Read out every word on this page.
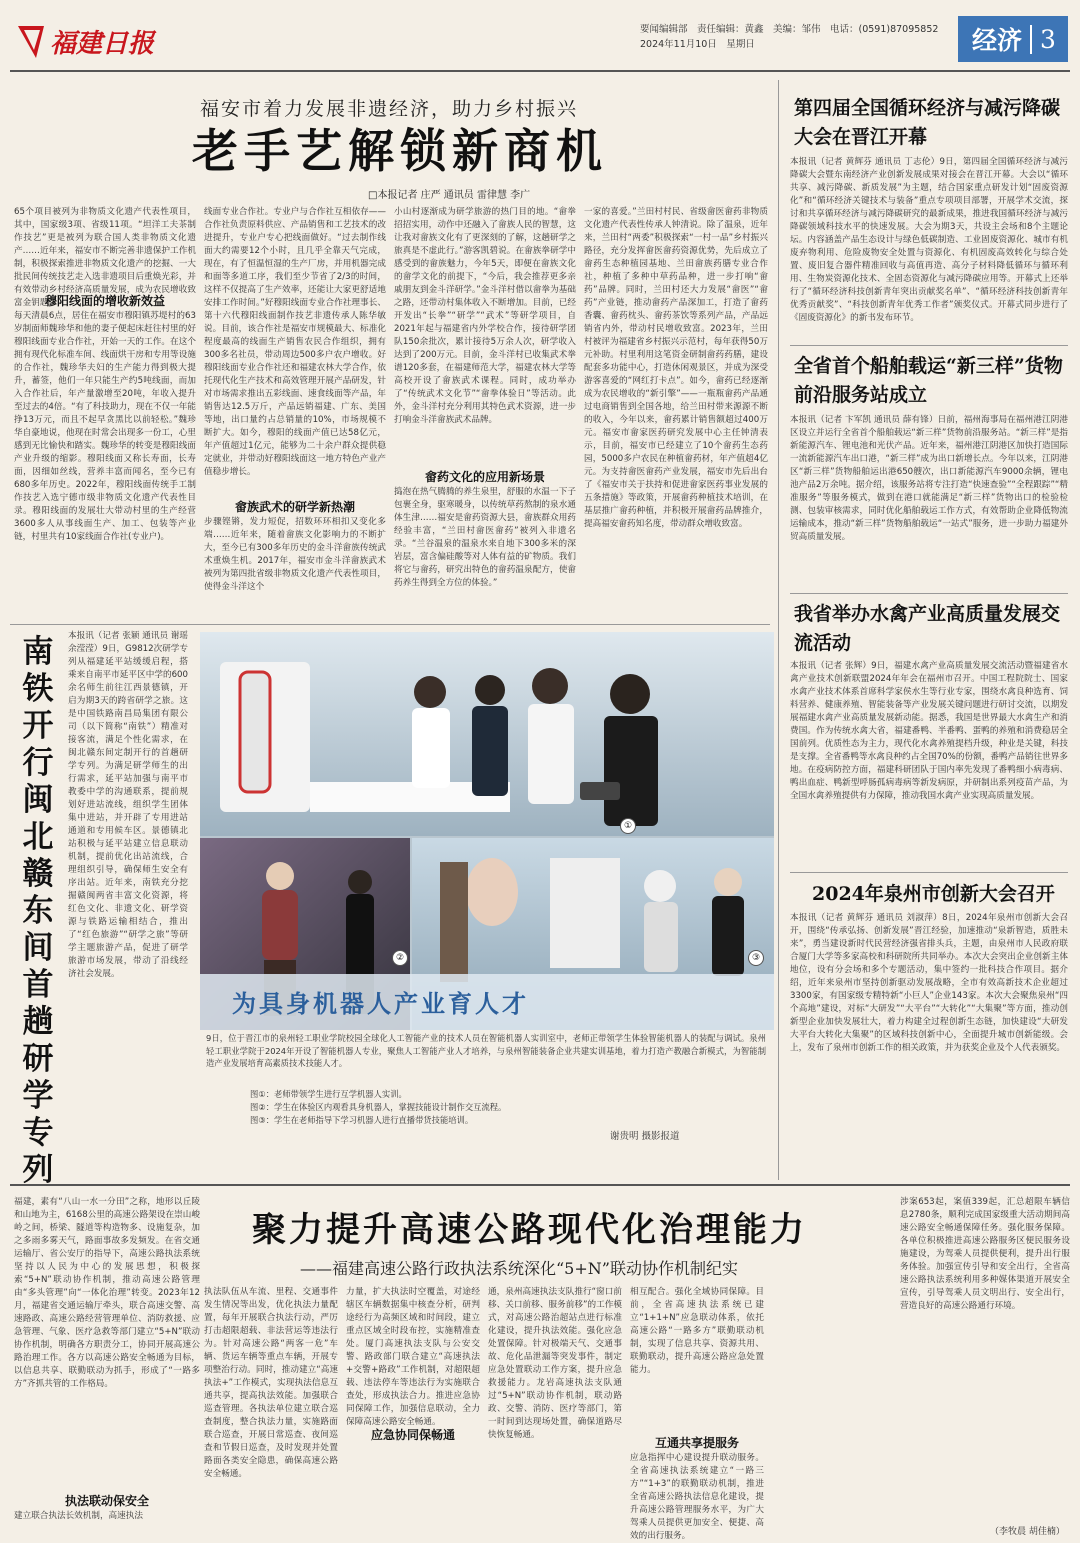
福建日报	要闻编辑部　责任编辑：黄鑫　美编：邹伟　电话：(0591)87095852
2024年11月10日　星期日	经济 3
福安市着力发展非遗经济，助力乡村振兴
老手艺解锁新商机
□本报记者 庄严 通讯员 雷律慧 李广
65个项目被列为非物质文化遗产代表性项目，其中，国家级3项、省级11项。“坦洋工夫茶制作技艺”更是被列为联合国人类非物质文化遗产……近年来，福安市不断完善非遗保护工作机制，积极探索推进非物质文化遗产的挖掘、一大批民间传统技艺走入选非遗项目后重焕光彩，并有效带动乡村经济高质量发展，成为农民增收致富金钥匙。
穆阳线面的增收新效益
每天清晨6点，居住在福安市穆阳镇苏堤村的63岁制面师魏珍华和他的妻子便起床赶往村里的好穆阳线面专业合作社，开始一天的工作。在这个拥有现代化标准车间、线面烘干房和专用等设施的合作社，魏珍华夫妇的生产能力得到极大提升，蓄签，他们一年只能生产约5吨线面，而加入合作社后，年产量激增至20吨，年收入提升至过去的4倍。“有了科技助力，现在不仅一年能挣13万元，而且不起早贪黑比以前轻松。”魏珍华自豪地说，他现在时常会出现多一份工，心里感到无比愉快和踏实。魏珍华的转变是穆阳线面产业升级的缩影。穆阳线面又称长寿面，长寿面，因细如丝线，营养丰富而闻名，至今已有680多年历史。2022年，穆阳线面传统手工制作技艺入选宁德市级非物质文化遗产代表性目录。穆阳线面的发展壮大带动村里的生产经营3600多人从事线面生产、加工、包装等产业链，村里共有10家线面合作社(专业户)。
线面专业合作社。专业户与合作社互相依存——合作社负责原料供应、产品销售和工艺技术的改进提升，专业户专心把线面做好。“过去制作线面大约需要12个小时，且几乎全靠天气完成，现在，有了恒温恒湿的生产厂房，并用机器完成和面等多道工序，我们至少节省了2/3的时间，这样不仅提高了生产效率，还能让大家更舒适地安排工作时间。”好穆阳线面专业合作社理事长、第十六代穆阳线面制作技艺非遗传承人陈华敏说。目前，该合作社是福安市规模最大、标准化程度最高的线面生产销售农民合作组织，拥有300多名社员，带动周边500多户农户增收。好穆阳线面专业合作社还和福建农林大学合作，依托现代化生产技术和高效管理开展产品研发，针对市场需求推出五彩线面、速食线面等产品，年销售达12.5万斤，产品远销福建、广东、美国等地，出口量约占总销量的10%，市场规模不断扩大。如今，穆阳的线面产值已达58亿元，年产值超过1亿元，能够为二十余户群众提供稳定就业，并带动好穆阳线面这一地方特色产业产值稳步增长。
畲族武术的研学新热潮
步骤铿锵，发力短促，招数环环相扣又变化多端……近年来，随着畲族文化影响力的不断扩大，至今已有300多年历史的金斗洋畲族传统武术重焕生机。2017年，福安市金斗洋畲族武术被列为第四批省级非物质文化遗产代表性项目，使得金斗洋这个
小山村逐渐成为研学旅游的热门目的地。“畲拳招招实用，动作中还融入了畲族人民的智慧，这让我对畲族文化有了更深刻的了解，这趟研学之旅真是不虚此行。”游客凯碧说。在畲族拳研学中感受到的畲族魅力，今年5天，即便在畲族文化的畲学文化的前提下，“今后，我会推荐更多亲戚朋友到金斗洋研学。”金斗洋村借以畲拳为基础之路，还带动村集体收入不断增加。目前，已经开发出“长拳”“研学”“武术”等研学项目，自2021年起与福建省内外学校合作，接待研学团队150余批次，累计接待5万余人次，研学收入达到了200万元。目前，金斗洋村已收集武术拳谱120多套，在福建师范大学，福建农林大学等高校开设了畲族武术课程。同时，成功举办了“传统武术文化节”“畲拳体验日”等活动。此外，金斗洋村充分利用其特色武术资源，进一步打响金斗洋畲族武术品牌。
畲药文化的应用新场景
捣泡在热气腾腾的养生泉里，舒服的水温一下子包裹全身，驱寒暖身，以传统草药熬制的泉水通体生津……福安是畲药资源大县，畲族群众用药经验丰富，“兰田村畲医畲药”被列入非遗名录。“兰谷温泉的温泉水来自地下300多米的深岩层，富含偏硅酸等对人体有益的矿物质。我们将它与畲药，研究出特色的畲药温泉配方，使畲药养生得到全方位的体验。”
一家的喜爱。”兰田村村民、省级畲医畲药非物质文化遗产代表性传承人钟清说。除了温泉，近年来，兰田村“两委”积极探索“一村一品”乡村振兴路径，充分发挥畲医畲药资源优势，先后成立了畲药生态种植园基地、兰田畲族药膳专业合作社，种植了多种中草药品种，进一步打响“畲药”品牌。同时，兰田村还大力发展“畲医”“畲药”产业链，推动畲药产品深加工，打造了畲药香囊、畲药枕头、畲药茶饮等系列产品，产品远销省内外，带动村民增收致富。2023年，兰田村被评为福建省乡村振兴示范村，每年获得50万元补助。村里利用这笔资金研制畲药药膳，建设配套多功能中心，打造休闲观景区，并成为深受游客喜爱的“网红打卡点”。如今，畲药已经逐渐成为农民增收的“新引擎”——一瓶瓶畲药产品通过电商销售到全国各地，给兰田村带来源源不断的收入，今年以来，畲药累计销售额超过400万元。福安市畲家医药研究发展中心主任钟清表示，目前，福安市已经建立了10个畲药生态药园，5000多户农民在种植畲药材，年产值超4亿元。为支持畲医畲药产业发展，福安市先后出台了《福安市关于扶持和促进畲家医药事业发展的五条措施》等政策，开展畲药种植技术培训，在基层推广畲药种植，并积极开展畲药品牌推介，提高福安畲药知名度，带动群众增收致富。
第四届全国循环经济与减污降碳大会在晋江开幕
本报讯（记者 黄辉芬 通讯员 丁志伦）9日，第四届全国循环经济与减污降碳大会暨东南经济产业创新发展成果对接会在晋江开幕。大会以“循环共享、减污降碳、新质发展”为主题，结合国家重点研发计划“固废资源化”和“循环经济关键技术与装备”重点专项项目部署，开展学术交流，探讨和共享循环经济与减污降碳研究的最新成果，推进我国循环经济与减污降碳领域科技水平的快速发展。大会为期3天，共设主会场和8个主题论坛。内容涵盖产品生态设计与绿色低碳制造、工业固废资源化、城市有机废弃物利用、危险废物安全处置与资源化、有机固废高效转化与综合处置、废旧复合器件精准回收与高值再造、高分子材料降低循环与循环利用、生物炭资源化技术、全固态资源化与减污降碳应用等。开幕式上还举行了“循环经济科技创新青年突出贡献奖名单”、“循环经济科技创新青年优秀贡献奖”、“科技创新青年优秀工作者”颁奖仪式。开幕式同步进行了《固废资源化》的新书发布环节。
全省首个船舶载运“新三样”货物前沿服务站成立
本报讯（记者 卞军凯 通讯员 薛有锋）日前，福州海事局在福州港江阴港区设立并运行全省首个船舶载运“新三样”货物前沿服务站。“新三样”是指新能源汽车、锂电池和光伏产品。近年来，福州港江阴港区加快打造国际一流新能源汽车出口港，“新三样”成为出口新增长点。今年以来，江阴港区“新三样”货物船舶运出港650艘次，出口新能源汽车9000余辆，锂电池产品2万余吨。据介绍，该服务站将专注打造“快速查验”“全程跟踪”“精准服务”等服务模式，做到在港口就能满足“新三样”货物出口的检验检测、包装审核需求，同时优化船舶载运工作方式，有效帮助企业降低物流运输成本，推动“新三样”货物船舶载运“一站式”服务，进一步助力福建外贸高质量发展。
我省举办水禽产业高质量发展交流活动
本报讯（记者 张辉）9日，福建水禽产业高质量发展交流活动暨福建省水禽产业技术创新联盟2024年年会在福州市召开。中国工程院院士、国家水禽产业技术体系首席科学家侯水生等行业专家，围绕水禽良种选育、饲料营养、健康养殖、智能装备等产业发展关键问题进行研讨交流，以期发展福建水禽产业高质量发展新动能。据悉，我国是世界最大水禽生产和消费国。作为传统水禽大省，福建番鸭、半番鸭、蛋鸭的养殖和消费稳居全国前列。优质性态为主力，现代化水禽养殖提档升级，种业是关键，科技是支撑。全省番鸭等水禽良种约占全国70%的份额，番鸭产品销往世界多地。在疫病防控方面，福建科研团队于国内率先发现了番鸭细小病毒病、鸭出血症、鸭新型呼肠孤病毒病等新发病原，并研制出系列疫苗产品，为全国水禽养殖提供有力保障，推动我国水禽产业实现高质量发展。
2024年泉州市创新大会召开
本报讯（记者 黄辉芬 通讯员 刘淑萍）8日，2024年泉州市创新大会召开，围绕“传承弘扬、创新发展”晋江经验，加速推动“泉新智造，质胜未来”，勇当建设新时代民营经济强省排头兵，主题，由泉州市人民政府联合厦门大学等多家高校和科研院所共同举办。本次大会突出企业创新主体地位，设有分会场和多个专题活动，集中签约一批科技合作项目。据介绍，近年来泉州市坚持创新驱动发展战略，全市有效高新技术企业超过3300家，有国家级专精特新“小巨人”企业143家。本次大会聚焦泉州“四个高地”建设，对标“大研发”“大平台”“大转化”“大集聚”等方面，推动创新型企业加快发展壮大，着力构建全过程创新生态链，加快建设“大研发大平台大转化大集聚”的区域科技创新中心，全面提升城市创新能级。会上，发布了泉州市创新工作的相关政策，并为获奖企业及个人代表颁奖。
南
铁
开
行
闽
北
赣
东
间
首
趟
研
学
专
列
本报讯（记者 张颖 通讯员 谢瑶 余滢滢）9日，G9812次研学专列从福建延平站缓缓启程，搭乘来自南平市延平区中学的600余名师生前往江西景德镇，开启为期3天的跨省研学之旅。这是中国铁路南昌局集团有限公司（以下简称“南铁”）精准对接客流，满足个性化需求，在闽北赣东间定制开行的首趟研学专列。为满足研学师生的出行需求，延平站加强与南平市教委中学的沟通联系，提前规划好进站流线，组织学生团体集中进站，并开辟了专用进站通道和专用候车区。景德镇北站积极与延平站建立信息联动机制，提前优化出站流线，合理组织引导，确保师生安全有序出站。近年来，南铁充分挖掘赣闽两省丰富文化资源，将红色文化、非遗文化、研学资源与铁路运输相结合，推出了“红色旅游”“研学之旅”等研学主题旅游产品，促进了研学旅游市场发展，带动了沿线经济社会发展。
①
②	③
为具身机器人产业育人才
9日，位于晋江市的泉州轻工职业学院校园全球化人工智能产业的技术人员在智能机器人实训室中，老师正带领学生体验智能机器人的装配与调试。泉州轻工职业学院于2024年开设了智能机器人专业，聚焦人工智能产业人才培养，与泉州智能装备企业共建实训基地，着力打造产教融合新模式，为智能制造产业发展培育高素质技术技能人才。
图①：老师带领学生进行互学机器人实训。
图②：学生在体验区内观看具身机器人，掌握技能设计制作交互流程。
图③：学生在老师指导下学习机器人进行直播带货技能培训。
谢贵明 摄影报道
聚力提升高速公路现代化治理能力
——福建高速公路行政执法系统深化“5+N”联动协作机制纪实
福建，素有“八山一水一分田”之称，地形以丘陵和山地为主，6168公里的高速公路架设在崇山峻岭之间，桥梁、隧道等构造物多、设施复杂，加之多雨多雾天气，路面事故多发频发。在省交通运输厅、省公安厅的指导下，高速公路执法系统坚持以人民为中心的发展思想，积极探索“5+N”联动协作机制，推动高速公路管理由“多头管理”向“一体化治理”转变。2023年12月，福建省交通运输厅牵头，联合高速交警、高速路政、高速公路经营管理单位、消防救援、应急管理、气象、医疗急救等部门建立“5+N”联动协作机制，明确各方职责分工，协同开展高速公路治理工作。各方以高速公路安全畅通为目标，以信息共享、联勤联动为抓手，形成了“一路多方”齐抓共管的工作格局。
执法联动保安全
建立联合执法长效机制，高速执法
执法队伍从车流、里程、交通事件发生情况等出发，优化执法力量配置，每年开展联合执法行动，严厉打击超限超载、非法营运等违法行为。针对高速公路“两客一危”车辆、货运车辆等重点车辆，开展专项整治行动。同时，推动建立“高速执法+”工作模式，实现执法信息互通共享，提高执法效能。加强联合巡查管理。各执法单位建立联合巡查制度，整合执法力量，实施路面联合巡查，开展日常巡查、夜间巡查和节假日巡查，及时发现并处置路面各类安全隐患，确保高速公路安全畅通。
力量，扩大执法时空覆盖，对途经辖区车辆数据集中核查分析，研判途经行为高频区域和时间段，建立重点区域全时段布控，实施精准查处。厦门高速执法支队与公安交警、路政部门联合建立“高速执法+交警+路政”工作机制，对超限超载、违法停车等违法行为实施联合查处，形成执法合力。推进应急协同保障工作，加强信息联动，全力保障高速公路安全畅通。
应急协同保畅通
通，泉州高速执法支队推行“窗口前移、关口前移、服务前移”的工作模式，对高速公路治超站点进行标准化建设，提升执法效能。强化应急处置保障。针对极端天气、交通事故、危化品泄漏等突发事件，制定应急处置联动工作方案，提升应急救援能力。龙岩高速执法支队通过“5+N”联动协作机制，联动路政、交警、消防、医疗等部门，第一时间到达现场处置，确保道路尽快恢复畅通。
相互配合。强化全域协同保障。目前，全省高速执法系统已建立“1+1+N”应急联动体系，依托高速公路“一路多方”联勤联动机制，实现了信息共享、资源共用、联勤联动，提升高速公路应急处置能力。
互通共享提服务
应急指挥中心建设提升联动服务。全省高速执法系统建立“一路三方”“1+3”的联勤联动机制，推进全省高速公路执法信息化建设，提升高速公路管理服务水平，为广大驾乘人员提供更加安全、便捷、高效的出行服务。
涉案653起，案值339起，汇总超限车辆信息2780条，顺利完成国家级重大活动期间高速公路安全畅通保障任务。强化服务保障。各单位积极推进高速公路服务区便民服务设施建设，为驾乘人员提供便利，提升出行服务体验。加强宣传引导和安全出行，全省高速公路执法系统利用多种媒体渠道开展安全宣传，引导驾乘人员文明出行、安全出行，营造良好的高速公路通行环境。
（李牧晨 胡佳楠）
